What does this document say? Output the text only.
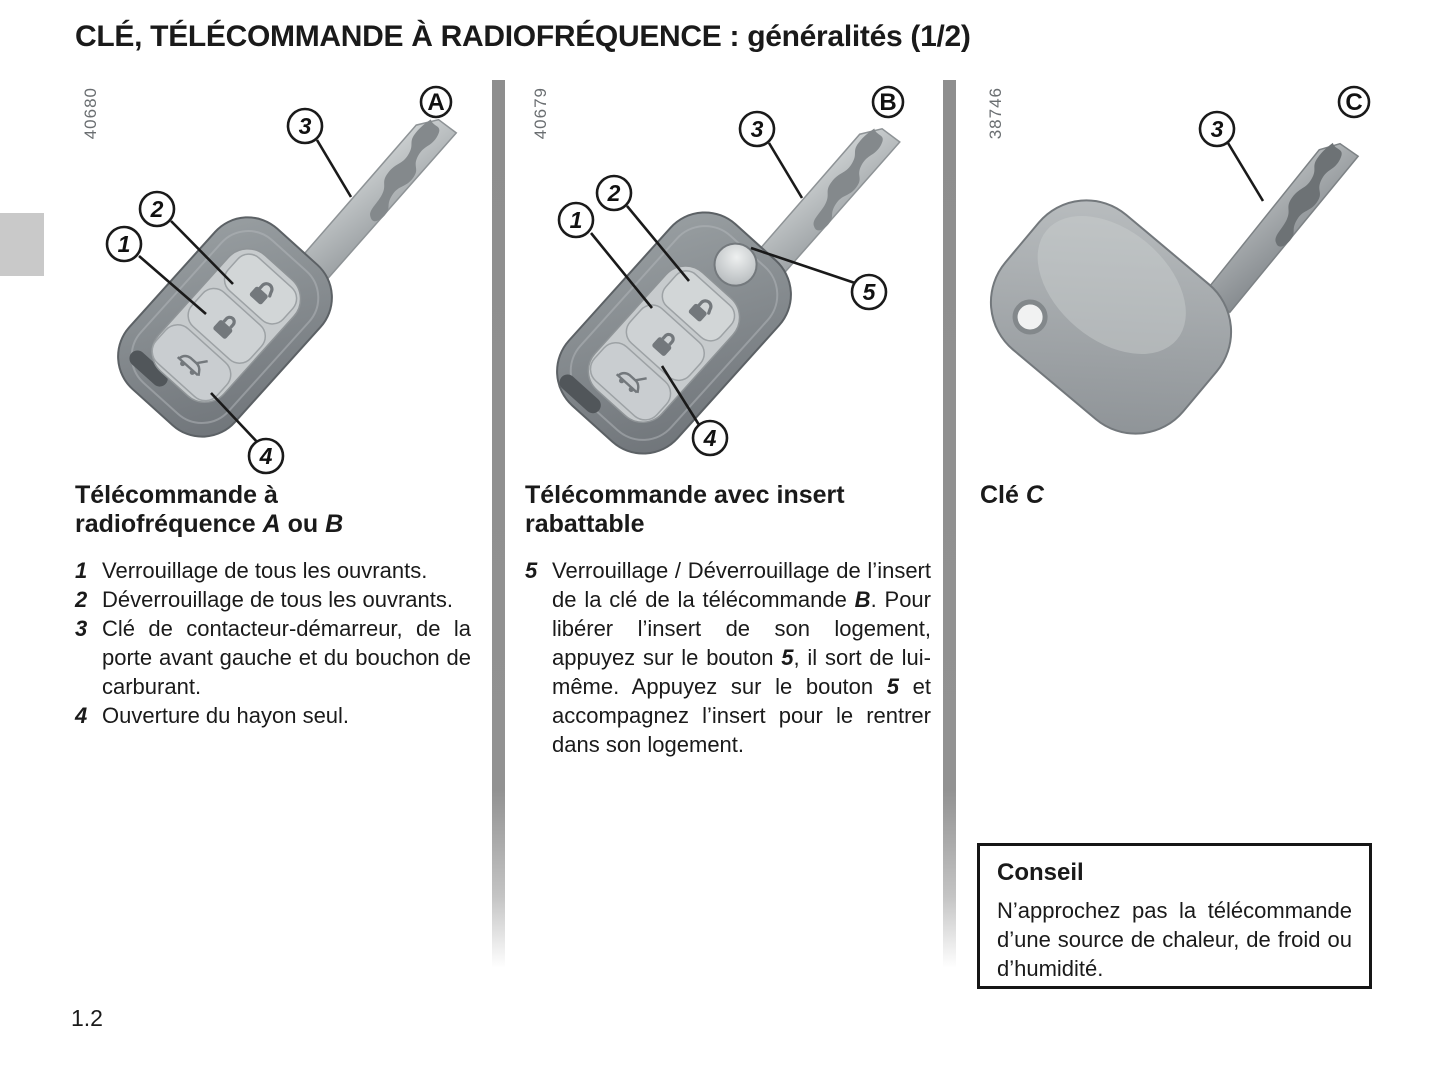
CLÉ, TÉLÉCOMMANDE À RADIOFRÉQUENCE : généralités (1/2)
40680	3
2
1
4
A	40679	3
2
1
5
4
B	38746	3
C
Télécommande à radiofréquence A ou B
1 Verrouillage de tous les ouvrants.
2 Déverrouillage de tous les ouvrants.
3 Clé de contacteur-démarreur, de la porte avant gauche et du bouchon de carburant.
4 Ouverture du hayon seul.
Télécommande avec insert rabattable
5 Verrouillage / Déverrouillage de l’insert de la clé de la télécommande B. Pour libérer l’insert de son logement, appuyez sur le bouton 5, il sort de lui-même. Appuyez sur le bouton 5 et accompagnez l’insert pour le rentrer dans son logement.
Clé C
Conseil

N’approchez pas la télécommande d’une source de chaleur, de froid ou d’humidité.

1.2
